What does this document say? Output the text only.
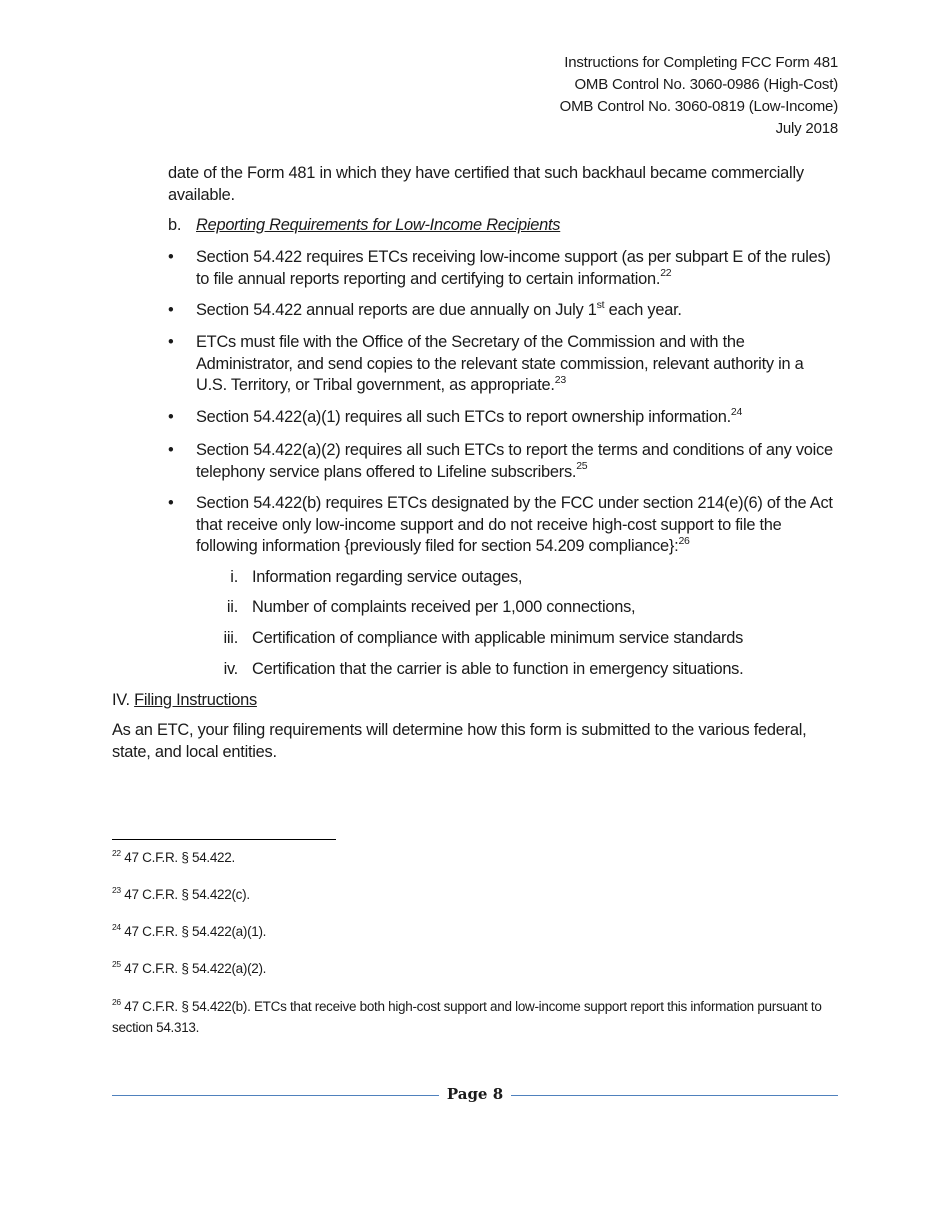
Instructions for Completing FCC Form 481
OMB Control No. 3060-0986 (High-Cost)
OMB Control No. 3060-0819 (Low-Income)
July 2018
date of the Form 481 in which they have certified that such backhaul became commercially available.
b. Reporting Requirements for Low-Income Recipients
• Section 54.422 requires ETCs receiving low-income support (as per subpart E of the rules) to file annual reports reporting and certifying to certain information.$^{22}$
• Section 54.422 annual reports are due annually on July 1st each year.
• ETCs must file with the Office of the Secretary of the Commission and with the Administrator, and send copies to the relevant state commission, relevant authority in a U.S. Territory, or Tribal government, as appropriate.$^{23}$
• Section 54.422(a)(1) requires all such ETCs to report ownership information.$^{24}$
• Section 54.422(a)(2) requires all such ETCs to report the terms and conditions of any voice telephony service plans offered to Lifeline subscribers.$^{25}$
• Section 54.422(b) requires ETCs designated by the FCC under section 214(e)(6) of the Act that receive only low-income support and do not receive high-cost support to file the following information {previously filed for section 54.209 compliance}:$^{26}$
i. Information regarding service outages,
ii. Number of complaints received per 1,000 connections,
iii. Certification of compliance with applicable minimum service standards
iv. Certification that the carrier is able to function in emergency situations.
IV. Filing Instructions
As an ETC, your filing requirements will determine how this form is submitted to the various federal, state, and local entities.
$^{22}$ 47 C.F.R. § 54.422.
$^{23}$ 47 C.F.R. § 54.422(c).
$^{24}$ 47 C.F.R. § 54.422(a)(1).
$^{25}$ 47 C.F.R. § 54.422(a)(2).
$^{26}$ 47 C.F.R. § 54.422(b). ETCs that receive both high-cost support and low-income support report this information pursuant to section 54.313.
Page 8
